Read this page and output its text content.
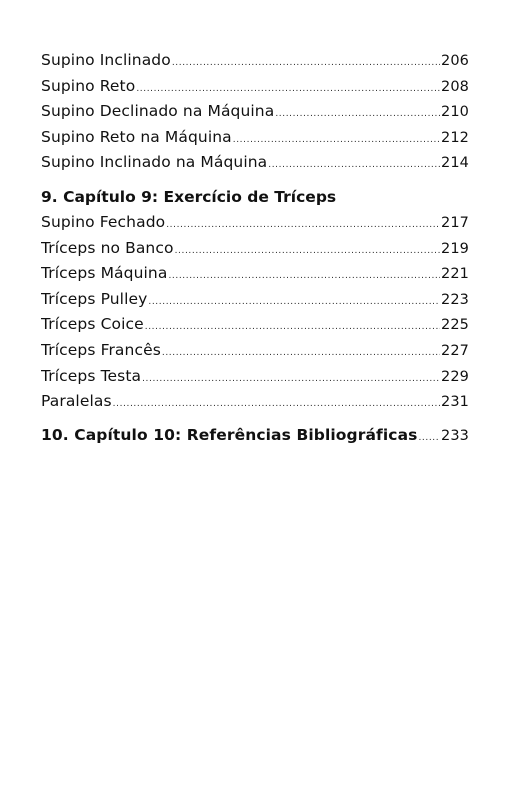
Supino Inclinado .....	206
Supino Reto .....	208
Supino Declinado na Máquina .....	210
Supino Reto na Máquina .....	212
Supino Inclinado na Máquina .....	214
9. Capítulo 9: Exercício de Tríceps
Supino Fechado .....	217
Tríceps no Banco .....	219
Tríceps Máquina .....	221
Tríceps Pulley .....	223
Tríceps Coice .....	225
Tríceps Francês .....	227
Tríceps Testa .....	229
Paralelas .....	231
10. Capítulo 10: Referências Bibliográficas ..... 233
